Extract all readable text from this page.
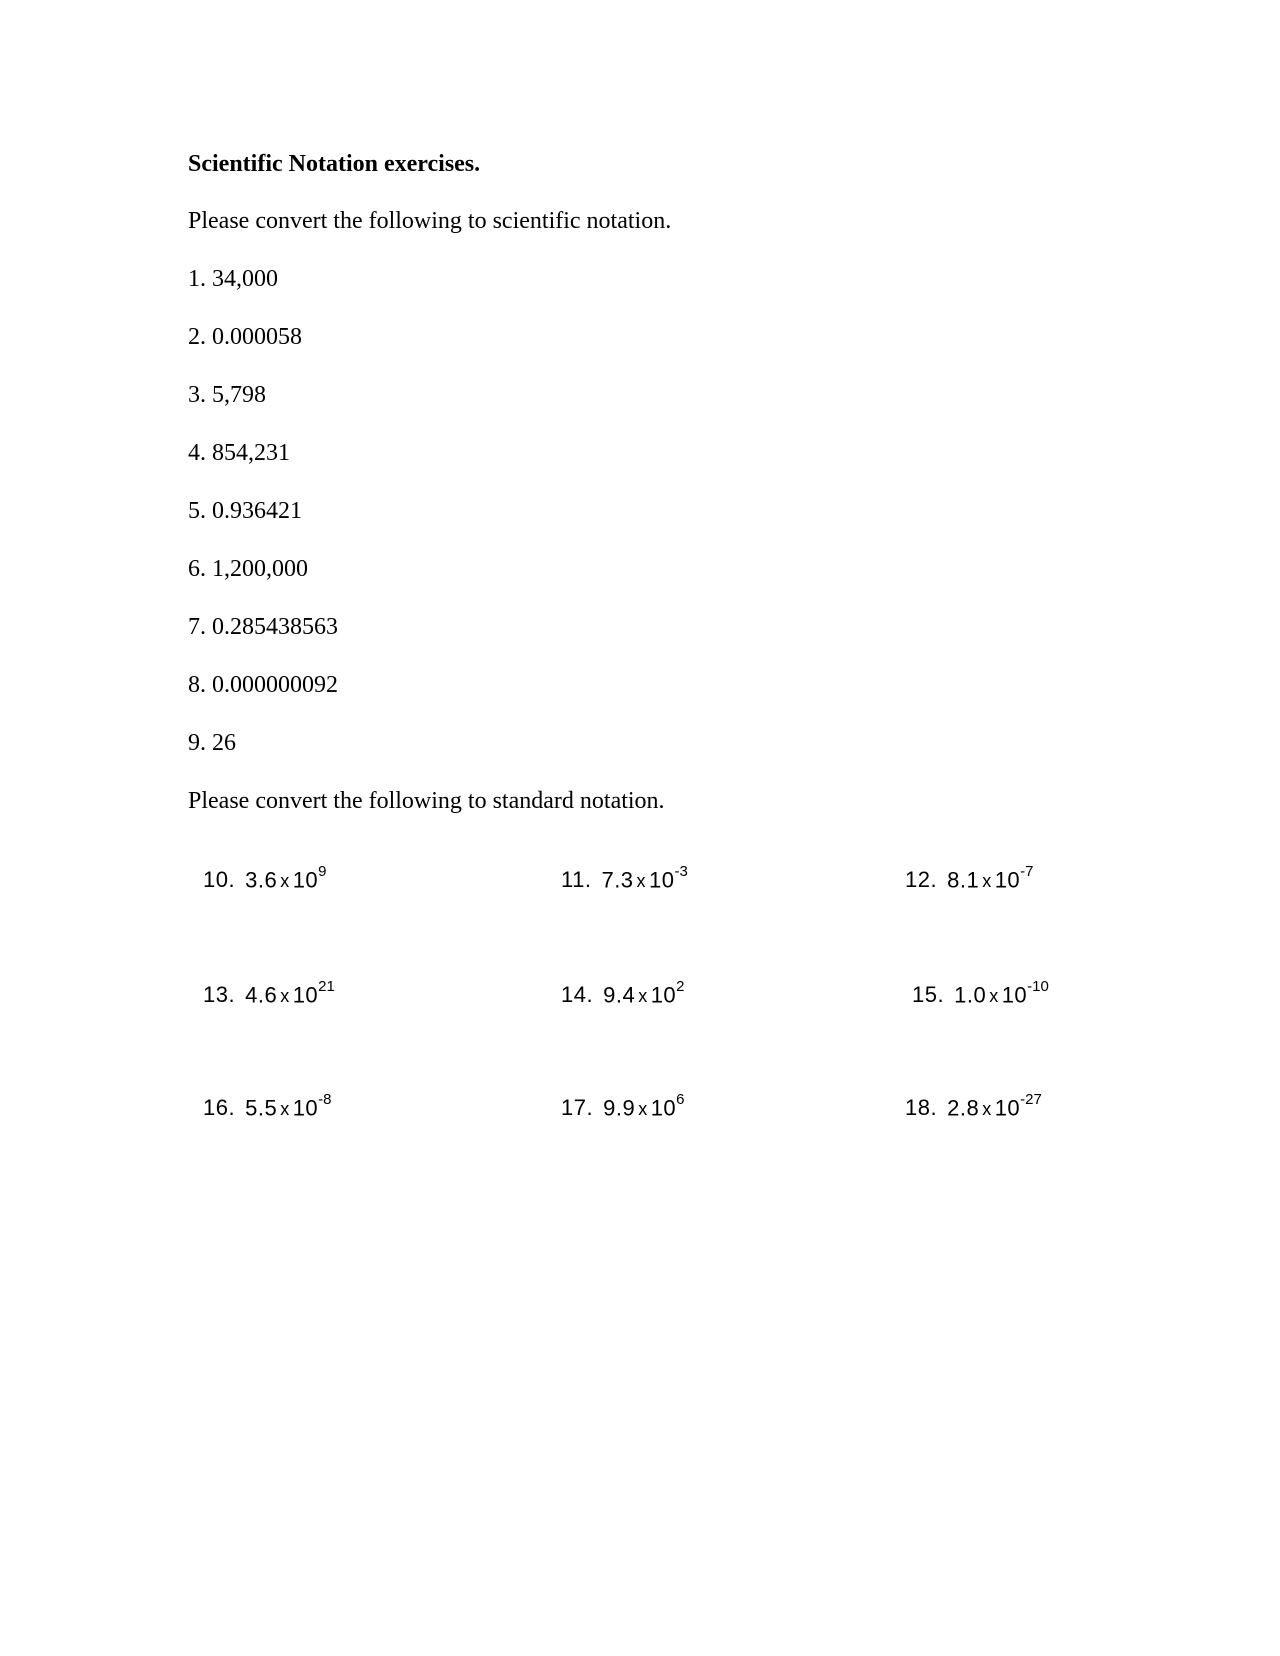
Scientific Notation exercises.
Please convert the following to scientific notation.
1. 34,000
2. 0.000058
3. 5,798
4. 854,231
5. 0.936421
6. 1,200,000
7. 0.285438563
8. 0.000000092
9. 26
Please convert the following to standard notation.
10. 3.6 x $10^9$	11. 7.3 x $10^{-3}$	12. 8.1 x $10^{-7}$
13. 4.6 x $10^{21}$	14. 9.4 x $10^2$	15. 1.0 x $10^{-10}$
16. 5.5 x $10^{-8}$	17. 9.9 x $10^6$	18. 2.8 x $10^{-27}$
